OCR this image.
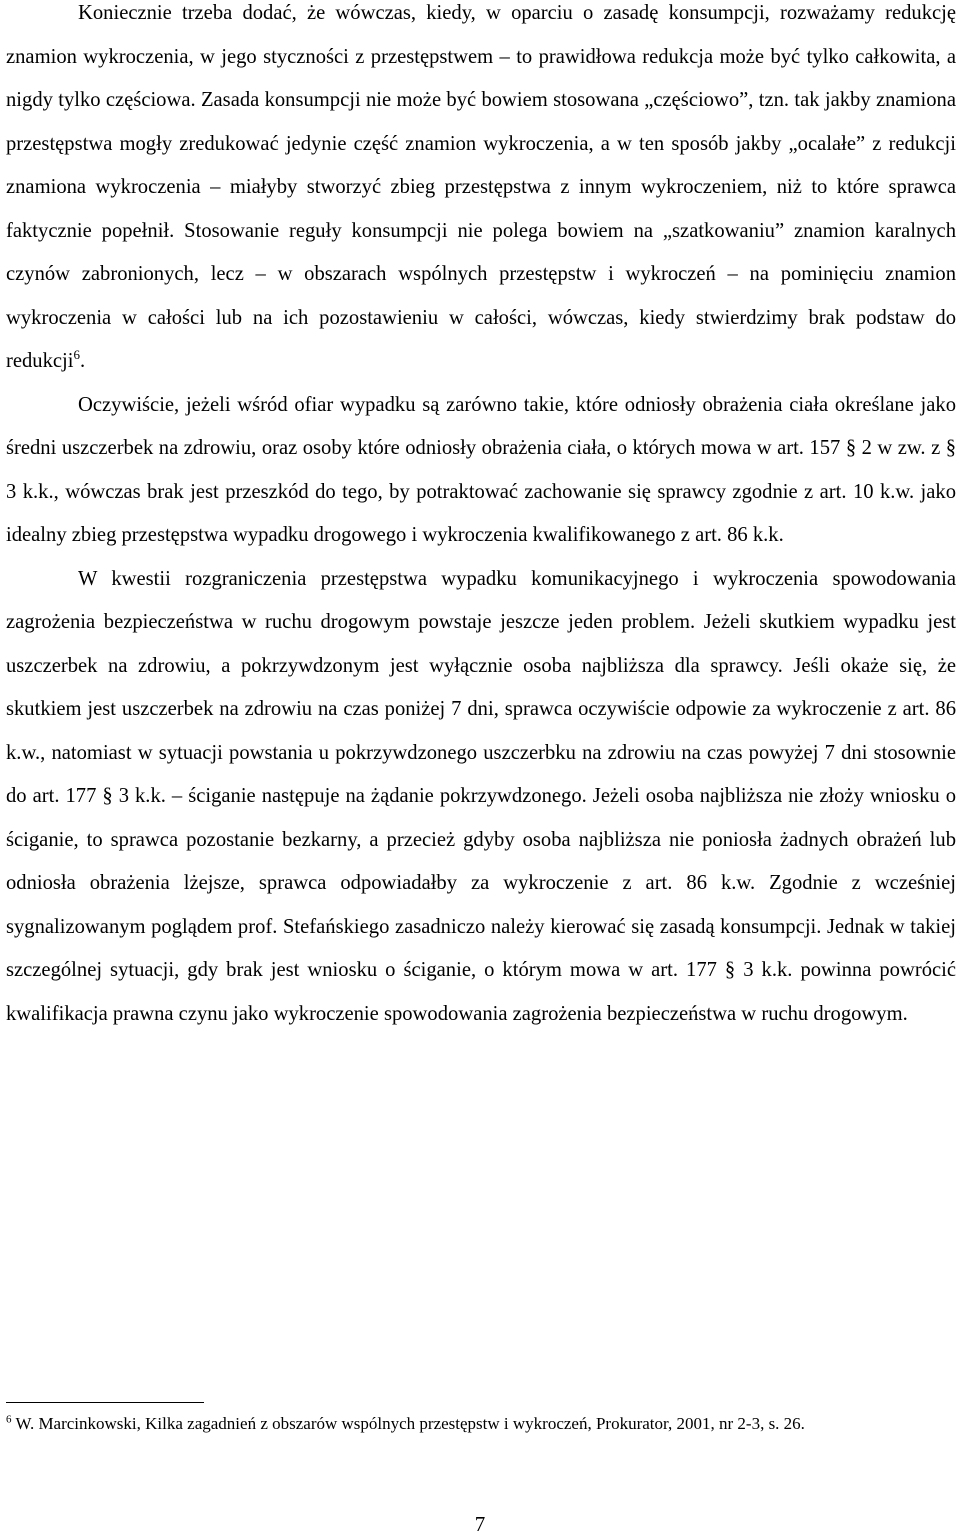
Koniecznie trzeba dodać, że wówczas, kiedy, w oparciu o zasadę konsumpcji, rozważamy redukcję znamion wykroczenia, w jego styczności z przestępstwem – to prawidłowa redukcja może być tylko całkowita, a nigdy tylko częściowa. Zasada konsumpcji nie może być bowiem stosowana „częściowo”, tzn. tak jakby znamiona przestępstwa mogły zredukować jedynie część znamion wykroczenia, a w ten sposób jakby „ocalałe” z redukcji znamiona wykroczenia – miałyby stworzyć zbieg przestępstwa z innym wykroczeniem, niż to które sprawca faktycznie popełnił. Stosowanie reguły konsumpcji nie polega bowiem na „szatkowaniu” znamion karalnych czynów zabronionych, lecz – w obszarach wspólnych przestępstw i wykroczeń – na pominięciu znamion wykroczenia w całości lub na ich pozostawieniu w całości, wówczas, kiedy stwierdzimy brak podstaw do redukcji$^6$.

Oczywiście, jeżeli wśród ofiar wypadku są zarówno takie, które odniosły obrażenia ciała określane jako średni uszczerbek na zdrowiu, oraz osoby które odniosły obrażenia ciała, o których mowa w art. 157 § 2 w zw. z § 3 k.k., wówczas brak jest przeszkód do tego, by potraktować zachowanie się sprawcy zgodnie z art. 10 k.w. jako idealny zbieg przestępstwa wypadku drogowego i wykroczenia kwalifikowanego z art. 86 k.k.

W kwestii rozgraniczenia przestępstwa wypadku komunikacyjnego i wykroczenia spowodowania zagrożenia bezpieczeństwa w ruchu drogowym powstaje jeszcze jeden problem. Jeżeli skutkiem wypadku jest uszczerbek na zdrowiu, a pokrzywdzonym jest wyłącznie osoba najbliższa dla sprawcy. Jeśli okaże się, że skutkiem jest uszczerbek na zdrowiu na czas poniżej 7 dni, sprawca oczywiście odpowie za wykroczenie z art. 86 k.w., natomiast w sytuacji powstania u pokrzywdzonego uszczerbku na zdrowiu na czas powyżej 7 dni stosownie do art. 177 § 3 k.k. – ściganie następuje na żądanie pokrzywdzonego. Jeżeli osoba najbliższa nie złoży wniosku o ściganie, to sprawca pozostanie bezkarny, a przecież gdyby osoba najbliższa nie poniosła żadnych obrażeń lub odniosła obrażenia lżejsze, sprawca odpowiadałby za wykroczenie z art. 86 k.w. Zgodnie z wcześniej sygnalizowanym poglądem prof. Stefańskiego zasadniczo należy kierować się zasadą konsumpcji. Jednak w takiej szczególnej sytuacji, gdy brak jest wniosku o ściganie, o którym mowa w art. 177 § 3 k.k. powinna powrócić kwalifikacja prawna czynu jako wykroczenie spowodowania zagrożenia bezpieczeństwa w ruchu drogowym.

$^6$ W. Marcinkowski, Kilka zagadnień z obszarów wspólnych przestępstw i wykroczeń, Prokurator, 2001, nr 2-3, s. 26.
7
